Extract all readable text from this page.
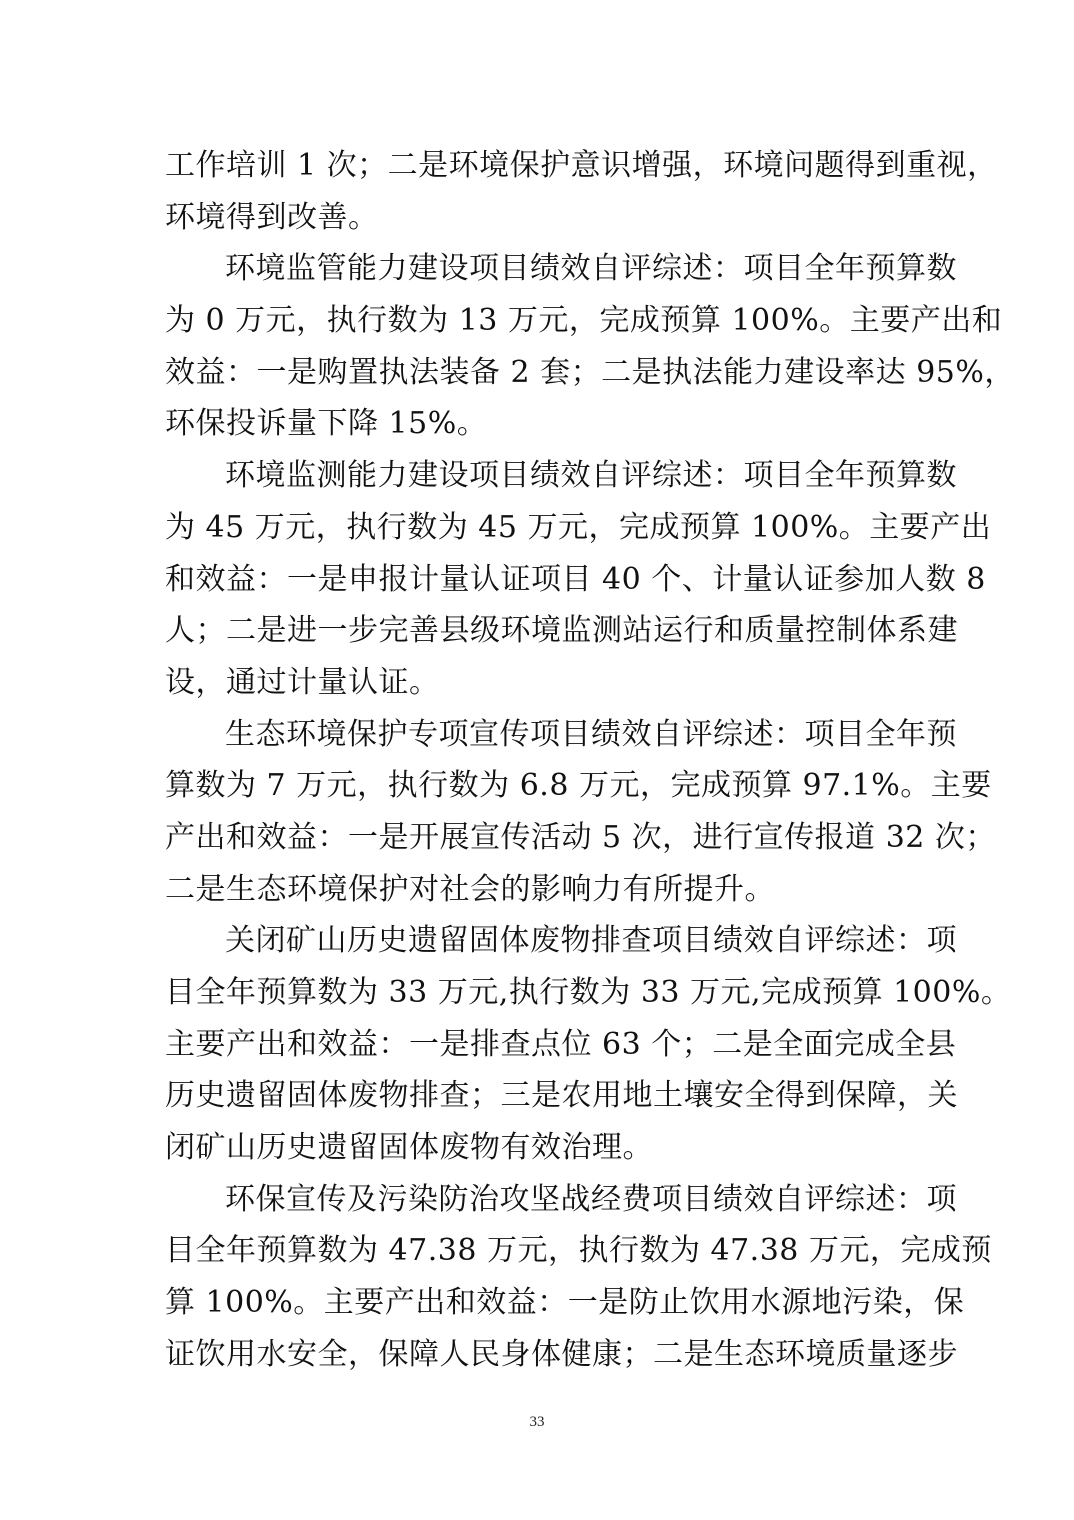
工作培训 1 次；二是环境保护意识增强，环境问题得到重视，
环境得到改善。
环境监管能力建设项目绩效自评综述：项目全年预算数
为 0 万元，执行数为 13 万元，完成预算 100%。主要产出和
效益：一是购置执法装备 2 套；二是执法能力建设率达 95%，
环保投诉量下降 15%。
环境监测能力建设项目绩效自评综述：项目全年预算数
为 45 万元，执行数为 45 万元，完成预算 100%。主要产出
和效益：一是申报计量认证项目 40 个、计量认证参加人数 8
人；二是进一步完善县级环境监测站运行和质量控制体系建
设，通过计量认证。
生态环境保护专项宣传项目绩效自评综述：项目全年预
算数为 7 万元，执行数为 6.8 万元，完成预算 97.1%。主要
产出和效益：一是开展宣传活动 5 次，进行宣传报道 32 次；
二是生态环境保护对社会的影响力有所提升。
关闭矿山历史遗留固体废物排查项目绩效自评综述：项
目全年预算数为 33 万元,执行数为 33 万元,完成预算 100%。
主要产出和效益：一是排查点位 63 个；二是全面完成全县
历史遗留固体废物排查；三是农用地土壤安全得到保障，关
闭矿山历史遗留固体废物有效治理。
环保宣传及污染防治攻坚战经费项目绩效自评综述：项
目全年预算数为 47.38 万元，执行数为 47.38 万元，完成预
算 100%。主要产出和效益：一是防止饮用水源地污染，保
证饮用水安全，保障人民身体健康；二是生态环境质量逐步
33
